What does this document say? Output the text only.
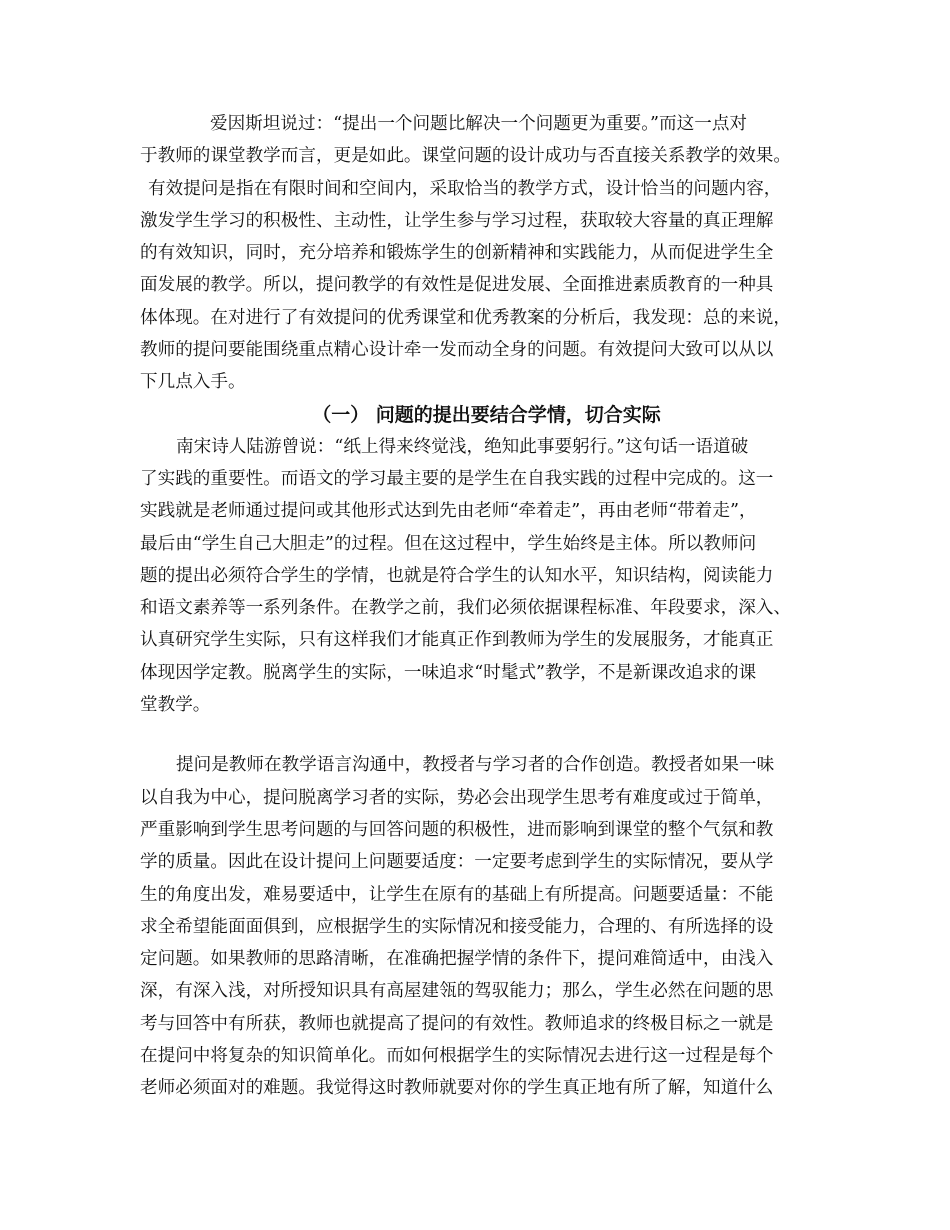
爱因斯坦说过：“提出一个问题比解决一个问题更为重要。”而这一点对
于教师的课堂教学而言，更是如此。课堂问题的设计成功与否直接关系教学的效果。
有效提问是指在有限时间和空间内，采取恰当的教学方式，设计恰当的问题内容，
激发学生学习的积极性、主动性，让学生参与学习过程，获取较大容量的真正理解
的有效知识，同时，充分培养和锻炼学生的创新精神和实践能力，从而促进学生全
面发展的教学。所以，提问教学的有效性是促进发展、全面推进素质教育的一种具
体体现。在对进行了有效提问的优秀课堂和优秀教案的分析后，我发现：总的来说，
教师的提问要能围绕重点精心设计牵一发而动全身的问题。有效提问大致可以从以
下几点入手。

（一） 问题的提出要结合学情，切合实际

南宋诗人陆游曾说：“纸上得来终觉浅，绝知此事要躬行。”这句话一语道破
了实践的重要性。而语文的学习最主要的是学生在自我实践的过程中完成的。这一
实践就是老师通过提问或其他形式达到先由老师“牵着走”，再由老师“带着走”，
最后由“学生自己大胆走”的过程。但在这过程中，学生始终是主体。所以教师问
题的提出必须符合学生的学情，也就是符合学生的认知水平，知识结构，阅读能力
和语文素养等一系列条件。在教学之前，我们必须依据课程标准、年段要求，深入、
认真研究学生实际，只有这样我们才能真正作到教师为学生的发展服务，才能真正
体现因学定教。脱离学生的实际，一味追求“时髦式”教学，不是新课改追求的课
堂教学。

提问是教师在教学语言沟通中，教授者与学习者的合作创造。教授者如果一味
以自我为中心，提问脱离学习者的实际，势必会出现学生思考有难度或过于简单，
严重影响到学生思考问题的与回答问题的积极性，进而影响到课堂的整个气氛和教
学的质量。因此在设计提问上问题要适度：一定要考虑到学生的实际情况，要从学
生的角度出发，难易要适中，让学生在原有的基础上有所提高。问题要适量：不能
求全希望能面面俱到，应根据学生的实际情况和接受能力，合理的、有所选择的设
定问题。如果教师的思路清晰，在准确把握学情的条件下，提问难简适中，由浅入
深，有深入浅，对所授知识具有高屋建瓴的驾驭能力；那么，学生必然在问题的思
考与回答中有所获，教师也就提高了提问的有效性。教师追求的终极目标之一就是
在提问中将复杂的知识简单化。而如何根据学生的实际情况去进行这一过程是每个
老师必须面对的难题。我觉得这时教师就要对你的学生真正地有所了解，知道什么
